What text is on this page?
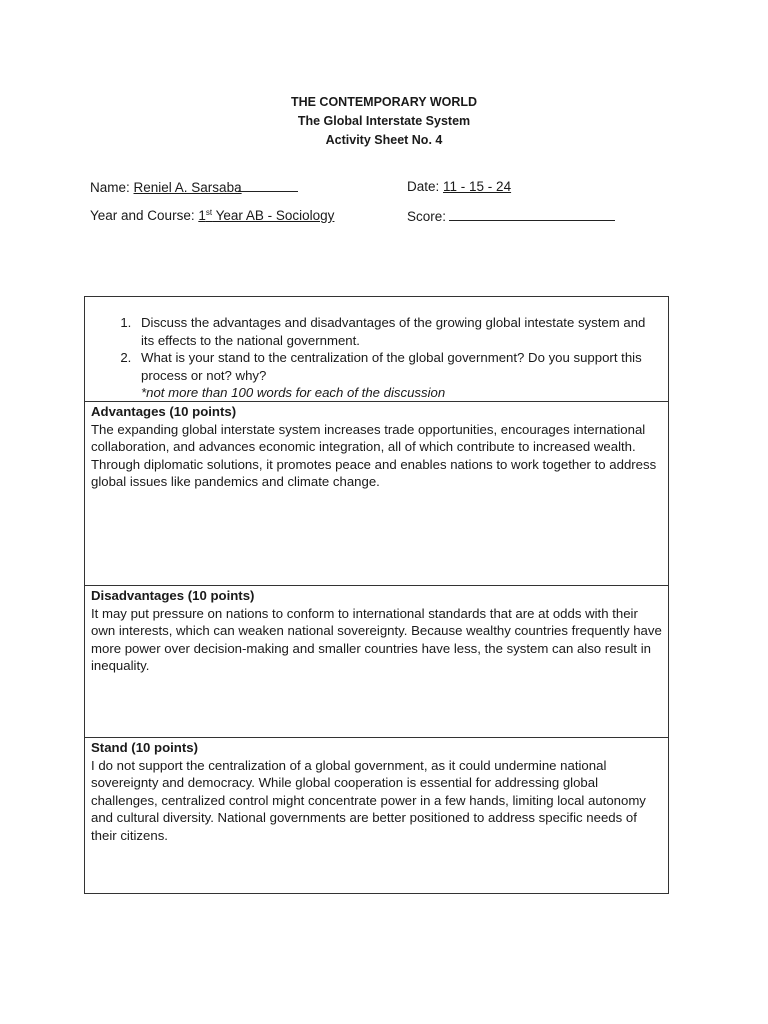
THE CONTEMPORARY WORLD
The Global Interstate System
Activity Sheet No. 4
Name: Reniel A. Sarsaba	Date: 11 - 15 - 24
Year and Course: 1st Year AB - Sociology	Score:
1. Discuss the advantages and disadvantages of the growing global intestate system and its effects to the national government.
2. What is your stand to the centralization of the global government? Do you support this process or not? why?
*not more than 100 words for each of the discussion
Advantages (10 points)
The expanding global interstate system increases trade opportunities, encourages international collaboration, and advances economic integration, all of which contribute to increased wealth. Through diplomatic solutions, it promotes peace and enables nations to work together to address global issues like pandemics and climate change.
Disadvantages (10 points)
It may put pressure on nations to conform to international standards that are at odds with their own interests, which can weaken national sovereignty. Because wealthy countries frequently have more power over decision-making and smaller countries have less, the system can also result in inequality.
Stand (10 points)
I do not support the centralization of a global government, as it could undermine national sovereignty and democracy. While global cooperation is essential for addressing global challenges, centralized control might concentrate power in a few hands, limiting local autonomy and cultural diversity. National governments are better positioned to address specific needs of their citizens.
